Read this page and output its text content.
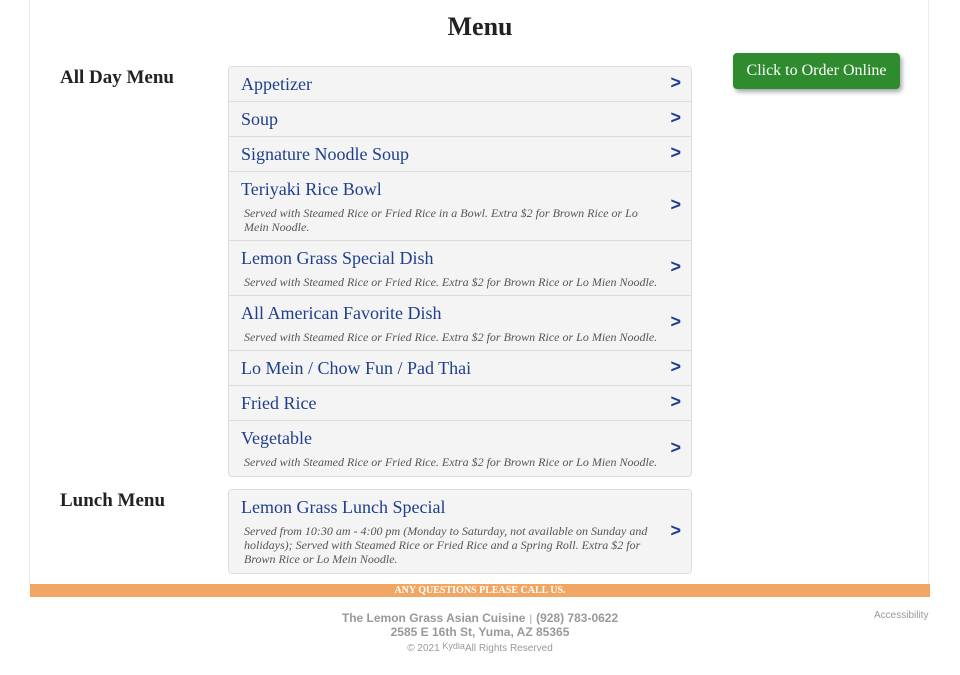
Menu
All Day Menu	Appetizer	>
Soup	>
Signature Noodle Soup	>
Teriyaki Rice Bowl
Served with Steamed Rice or Fried Rice in a Bowl. Extra $2 for Brown Rice or Lo Mein Noodle.
>
Lemon Grass Special Dish
Served with Steamed Rice or Fried Rice. Extra $2 for Brown Rice or Lo Mien Noodle.
>
All American Favorite Dish
Served with Steamed Rice or Fried Rice. Extra $2 for Brown Rice or Lo Mien Noodle.
>
Lo Mein / Chow Fun / Pad Thai	>
Fried Rice	>
Vegetable
Served with Steamed Rice or Fried Rice. Extra $2 for Brown Rice or Lo Mien Noodle.
>
Lunch Menu	Lemon Grass Lunch Special
Served from 10:30 am - 4:00 pm (Monday to Saturday, not available on Sunday and holidays); Served with Steamed Rice or Fried Rice and a Spring Roll. Extra $2 for Brown Rice or Lo Mein Noodle.
>
Click to Order Online
ANY QUESTIONS PLEASE CALL US.
The Lemon Grass Asian Cuisine | (928) 783-0622
2585 E 16th St, Yuma, AZ 85365
© 2021 KydiaAll Rights Reserved
Accessibility
